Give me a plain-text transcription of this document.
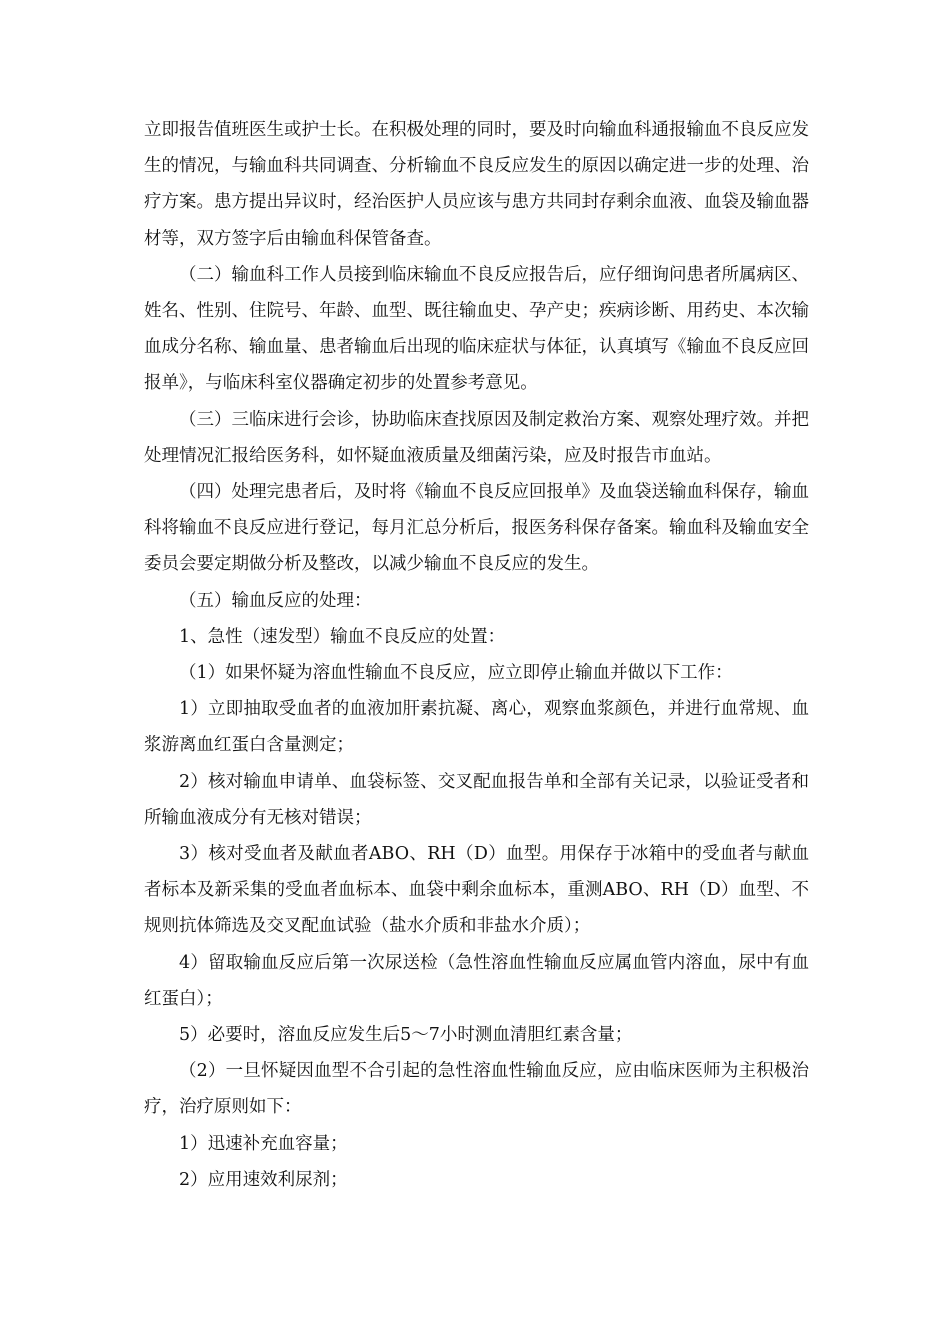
立即报告值班医生或护士长。在积极处理的同时，要及时向输血科通报输血不良反应发生的情况，与输血科共同调查、分析输血不良反应发生的原因以确定进一步的处理、治疗方案。患方提出异议时，经治医护人员应该与患方共同封存剩余血液、血袋及输血器材等，双方签字后由输血科保管备查。

（二）输血科工作人员接到临床输血不良反应报告后，应仔细询问患者所属病区、姓名、性别、住院号、年龄、血型、既往输血史、孕产史；疾病诊断、用药史、本次输血成分名称、输血量、患者输血后出现的临床症状与体征，认真填写《输血不良反应回报单》，与临床科室仪器确定初步的处置参考意见。

（三）三临床进行会诊，协助临床查找原因及制定救治方案、观察处理疗效。并把处理情况汇报给医务科，如怀疑血液质量及细菌污染，应及时报告市血站。

（四）处理完患者后，及时将《输血不良反应回报单》及血袋送输血科保存，输血科将输血不良反应进行登记，每月汇总分析后，报医务科保存备案。输血科及输血安全委员会要定期做分析及整改，以减少输血不良反应的发生。

（五）输血反应的处理：

1、急性（速发型）输血不良反应的处置：

（1）如果怀疑为溶血性输血不良反应，应立即停止输血并做以下工作：

1）立即抽取受血者的血液加肝素抗凝、离心，观察血浆颜色，并进行血常规、血浆游离血红蛋白含量测定；

2）核对输血申请单、血袋标签、交叉配血报告单和全部有关记录，以验证受者和所输血液成分有无核对错误；

3）核对受血者及献血者ABO、RH（D）血型。用保存于冰箱中的受血者与献血者标本及新采集的受血者血标本、血袋中剩余血标本，重测ABO、RH（D）血型、不规则抗体筛选及交叉配血试验（盐水介质和非盐水介质）；

4）留取输血反应后第一次尿送检（急性溶血性输血反应属血管内溶血，尿中有血红蛋白）；

5）必要时，溶血反应发生后5～7小时测血清胆红素含量；

（2）一旦怀疑因血型不合引起的急性溶血性输血反应，应由临床医师为主积极治疗，治疗原则如下：

1）迅速补充血容量；

2）应用速效利尿剂；
